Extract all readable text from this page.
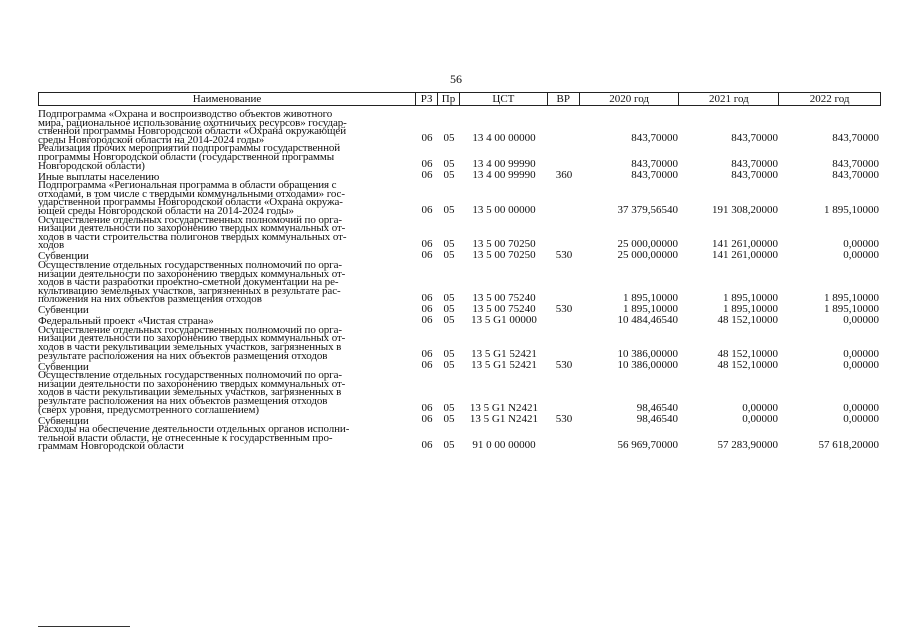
56
Наименование	РЗ Пр	ЦСТ	ВР	2020 год	2021 год	2022 год
Подпрограмма «Охрана и воспроизводство объектов животного
мира, рациональное использование охотничьих ресурсов» государ-
ственной программы Новгородской области «Охрана окружающей
среды Новгородской области на 2014-2024 годы»	06	05	13 4 00 00000	843,70000	843,70000	843,70000
Реализация прочих мероприятий подпрограммы государственной
программы Новгородской области (государственной программы
Новгородской области)	06	05	13 4 00 99990	843,70000	843,70000	843,70000
Иные выплаты населению	06	05	13 4 00 99990	360	843,70000	843,70000	843,70000
Подпрограмма «Региональная программа в области обращения с
отходами, в том числе с твердыми коммунальными отходами» гос-
ударственной программы Новгородской области «Охрана окружа-
ющей среды Новгородской области на 2014-2024 годы»	06	05	13 5 00 00000	37 379,56540	191 308,20000	1 895,10000
Осуществление отдельных государственных полномочий по орга-
низации деятельности по захоронению твердых коммунальных от-
ходов в части строительства полигонов твердых коммунальных от-
ходов	06	05	13 5 00 70250	25 000,00000	141 261,00000	0,00000
Субвенции	06	05	13 5 00 70250	530	25 000,00000	141 261,00000	0,00000
Осуществление отдельных государственных полномочий по орга-
низации деятельности по захоронению твердых коммунальных от-
ходов в части разработки проектно-сметной документации на ре-
культивацию земельных участков, загрязненных в результате рас-
положения на них объектов размещения отходов	06	05	13 5 00 75240	1 895,10000	1 895,10000	1 895,10000
Субвенции	06	05	13 5 00 75240	530	1 895,10000	1 895,10000	1 895,10000
Федеральный проект «Чистая страна»	06	05	13 5 G1 00000	10 484,46540	48 152,10000	0,00000
Осуществление отдельных государственных полномочий по орга-
низации деятельности по захоронению твердых коммунальных от-
ходов в части рекультивации земельных участков, загрязненных в
результате расположения на них объектов размещения отходов	06	05	13 5 G1 52421	10 386,00000	48 152,10000	0,00000
Субвенции	06	05	13 5 G1 52421	530	10 386,00000	48 152,10000	0,00000
Осуществление отдельных государственных полномочий по орга-
низации деятельности по захоронению твердых коммунальных от-
ходов в части рекультивации земельных участков, загрязненных в
результате расположения на них объектов размещения отходов
(сверх уровня, предусмотренного соглашением)	06	05	13 5 G1 N2421	98,46540	0,00000	0,00000
Субвенции	06	05	13 5 G1 N2421	530	98,46540	0,00000	0,00000
Расходы на обеспечение деятельности отдельных органов исполни-
тельной власти области, не отнесенные к государственным про-
граммам Новгородской области	06	05	91 0 00 00000	56 969,70000	57 283,90000	57 618,20000
